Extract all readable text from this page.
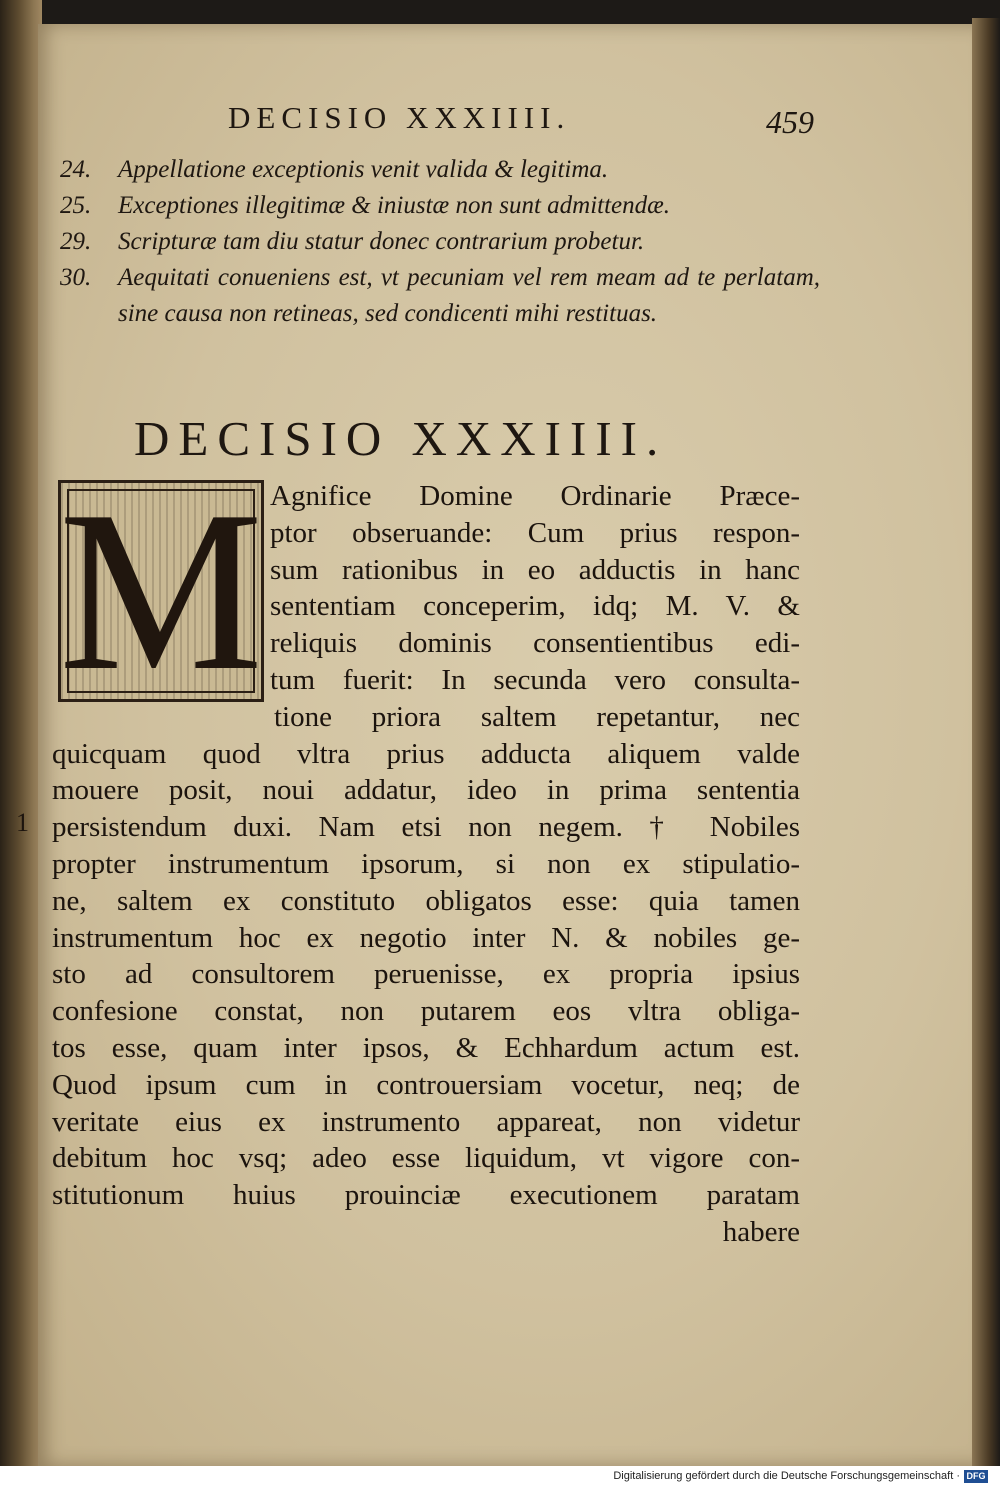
DECISIO XXXIIII.	459
24.	Appellatione exceptionis venit valida & legitima.
25.	Exceptiones illegitimæ & iniustæ non sunt admittendæ.
29.	Scripturæ tam diu statur donec contrarium probetur.
30.	Aequitati conueniens est, vt pecuniam vel rem meam ad te perlatam, sine causa non retineas, sed condicenti mihi restituas.
DECISIO XXXIIII.
M
1
Agnifice Domine Ordinarie Præce-
ptor obseruande: Cum prius respon-
sum rationibus in eo adductis in hanc
sententiam conceperim, idq; M. V. &
reliquis dominis consentientibus edi-
tum fuerit: In secunda vero consulta-
tione priora saltem repetantur, nec
quicquam quod vltra prius adducta aliquem valde
mouere posit, noui addatur, ideo in prima sententia
persistendum duxi. Nam etsi non negem. † Nobiles
propter instrumentum ipsorum, si non ex stipulatio-
ne, saltem ex constituto obligatos esse: quia tamen
instrumentum hoc ex negotio inter N. & nobiles ge-
sto ad consultorem peruenisse, ex propria ipsius
confesione constat, non putarem eos vltra obliga-
tos esse, quam inter ipsos, & Echhardum actum est.
Quod ipsum cum in controuersiam vocetur, neq; de
veritate eius ex instrumento appareat, non videtur
debitum hoc vsq; adeo esse liquidum, vt vigore con-
stitutionum huius prouinciæ executionem paratam
habere
Digitalisierung gefördert durch die Deutsche Forschungsgemeinschaft · DFG
